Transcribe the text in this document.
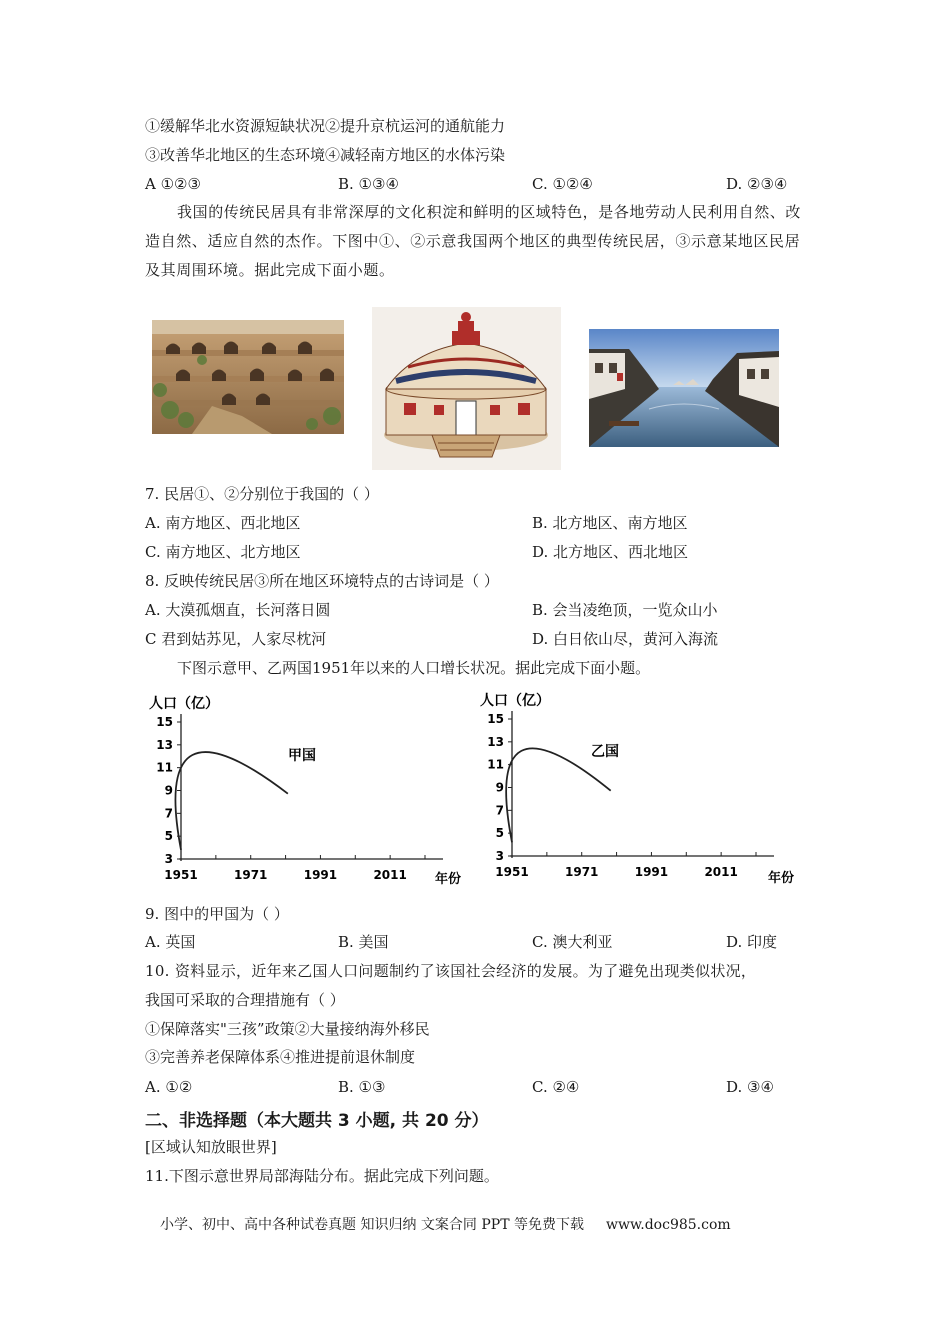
①缓解华北水资源短缺状况②提升京杭运河的通航能力
③改善华北地区的生态环境④减轻南方地区的水体污染
A ①②③	B. ①③④	C. ①②④	D. ②③④
我国的传统民居具有非常深厚的文化积淀和鲜明的区域特色，是各地劳动人民利用自然、改造自然、适应自然的杰作。下图中①、②示意我国两个地区的典型传统民居，③示意某地区民居及其周围环境。据此完成下面小题。
7. 民居①、②分别位于我国的（ ）
A. 南方地区、西北地区	B. 北方地区、南方地区
C. 南方地区、北方地区	D. 北方地区、西北地区
8. 反映传统民居③所在地区环境特点的古诗词是（ ）
A. 大漠孤烟直，长河落日圆	B. 会当凌绝顶，一览众山小
C 君到姑苏见，人家尽枕河	D. 白日依山尽，黄河入海流
下图示意甲、乙两国1951年以来的人口增长状况。据此完成下面小题。
人口（亿）
甲国
年份
3
5
7
9
11
13
15
1951	1971	1991	2011
人口（亿）
乙国
年份
3
5
7
9
11
13
15
1951	1971	1991	2011
9. 图中的甲国为（ ）
A. 英国	B. 美国	C. 澳大利亚	D. 印度
10. 资料显示，近年来乙国人口问题制约了该国社会经济的发展。为了避免出现类似状况，
我国可采取的合理措施有（ ）
①保障落实"三孩”政策②大量接纳海外移民
③完善养老保障体系④推进提前退休制度
A. ①②	B. ①③	C. ②④	D. ③④
二、非选择题（本大题共 3 小题, 共 20 分）
[区域认知放眼世界]
11.下图示意世界局部海陆分布。据此完成下列问题。
小学、初中、高中各种试卷真题 知识归纳 文案合同 PPT 等免费下载 www.doc985.com
